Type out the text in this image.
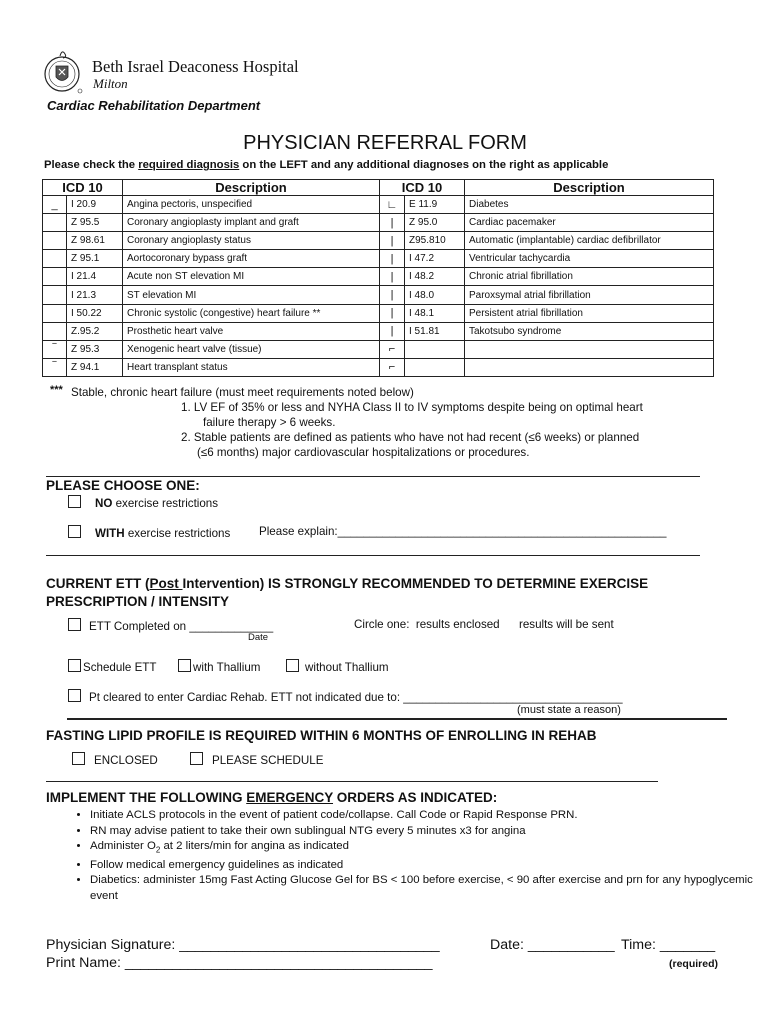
Beth Israel Deaconess Hospital
Milton
Cardiac Rehabilitation Department
PHYSICIAN REFERRAL FORM
Please check the required diagnosis on the LEFT and any additional diagnoses on the right as applicable
ICD 10		Description	ICD 10		Description
_	I 20.9	Angina pectoris, unspecified	∟	E 11.9	Diabetes
	Z 95.5	Coronary angioplasty implant and graft	|	Z 95.0	Cardiac pacemaker
	Z 98.61	Coronary angioplasty status	|	Z95.810	Automatic (implantable) cardiac defibrillator
	Z 95.1	Aortocoronary bypass graft	|	I 47.2	Ventricular tachycardia
	I 21.4	Acute non ST elevation MI	|	I 48.2	Chronic atrial fibrillation
	I 21.3	ST elevation MI	|	I 48.0	Paroxsymal atrial fibrillation
	I 50.22	Chronic systolic (congestive) heart failure **	|	I 48.1	Persistent atrial fibrillation
	Z.95.2	Prosthetic heart valve	|	I 51.81	Takotsubo syndrome
‾	Z 95.3	Xenogenic heart valve (tissue)	⌐		
‾	Z 94.1	Heart transplant status	⌐		
*** Stable, chronic heart failure (must meet requirements noted below)
1. LV EF of 35% or less and NYHA Class II to IV symptoms despite being on optimal heart
failure therapy > 6 weeks.
2. Stable patients are defined as patients who have not had recent (≤6 weeks) or planned
(≤6 months) major cardiovascular hospitalizations or procedures.
PLEASE CHOOSE ONE:
NO exercise restrictions
WITH exercise restrictions Please explain:___________________________________________________
CURRENT ETT (Post Intervention) IS STRONGLY RECOMMENDED TO DETERMINE EXERCISE
PRESCRIPTION / INTENSITY
ETT Completed on _____________
Date
Circle one:  results enclosed      results will be sent
Schedule ETT	with Thallium	without Thallium
Pt cleared to enter Cardiac Rehab. ETT not indicated due to: __________________________________
(must state a reason)
FASTING LIPID PROFILE IS REQUIRED WITHIN 6 MONTHS OF ENROLLING IN REHAB
ENCLOSED	PLEASE SCHEDULE
IMPLEMENT THE FOLLOWING EMERGENCY ORDERS AS INDICATED:
• Initiate ACLS protocols in the event of patient code/collapse. Call Code or Rapid Response PRN.
• RN may advise patient to take their own sublingual NTG every 5 minutes x3 for angina
• Administer $O_2$ at 2 liters/min for angina as indicated
• Follow medical emergency guidelines as indicated
• Diabetics: administer 15mg Fast Acting Glucose Gel for BS < 100 before exercise, < 90 after exercise and prn for any hypoglycemic event
Physician Signature: _________________________________	Date: ___________ Time: _______
Print Name: _______________________________________	(required)
